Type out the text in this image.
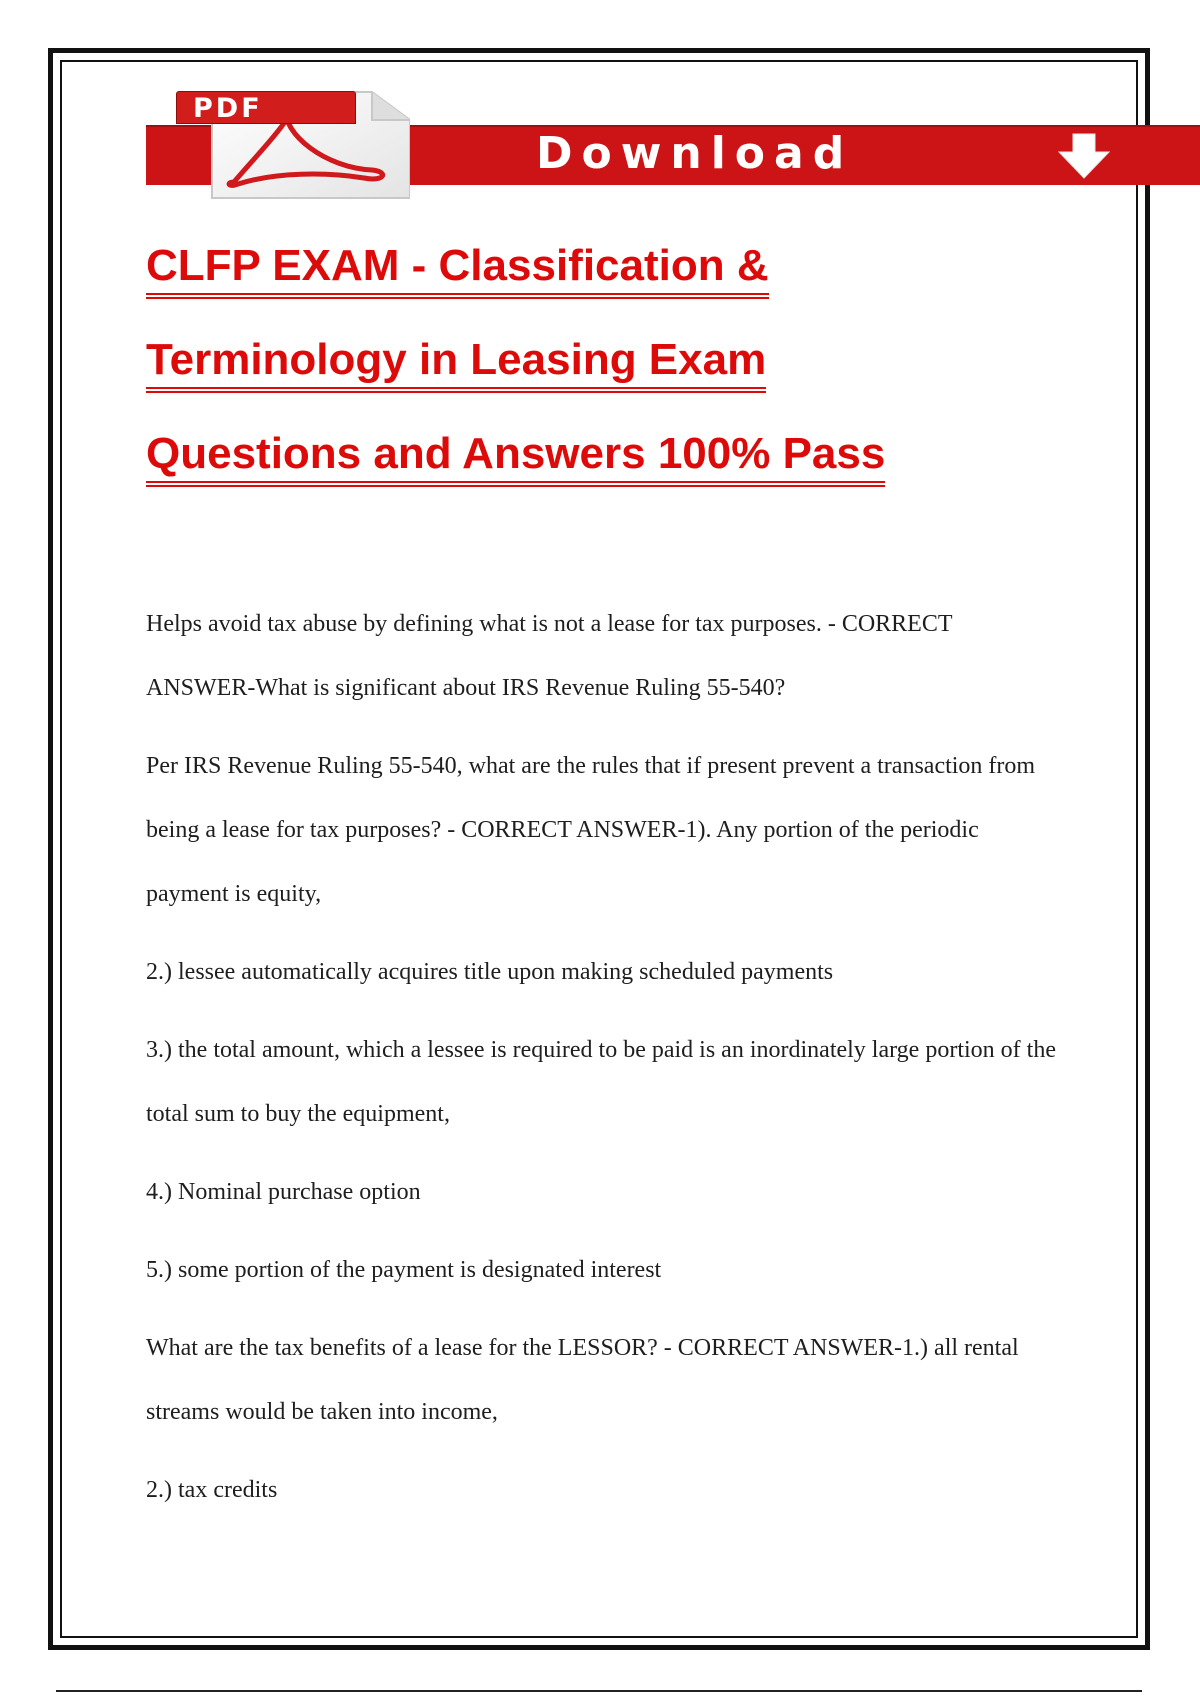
Download
PDF
CLFP EXAM - Classification &
Terminology in Leasing Exam
Questions and Answers 100% Pass

Helps avoid tax abuse by defining what is not a lease for tax purposes. - CORRECT ANSWER-What is significant about IRS Revenue Ruling 55-540?

Per IRS Revenue Ruling 55-540, what are the rules that if present prevent a transaction from being a lease for tax purposes? - CORRECT ANSWER-1). Any portion of the periodic payment is equity,

2.) lessee automatically acquires title upon making scheduled payments

3.) the total amount, which a lessee is required to be paid is an inordinately large portion of the total sum to buy the equipment,

4.) Nominal purchase option

5.) some portion of the payment is designated interest

What are the tax benefits of a lease for the LESSOR? - CORRECT ANSWER-1.) all rental streams would be taken into income,

2.) tax credits
